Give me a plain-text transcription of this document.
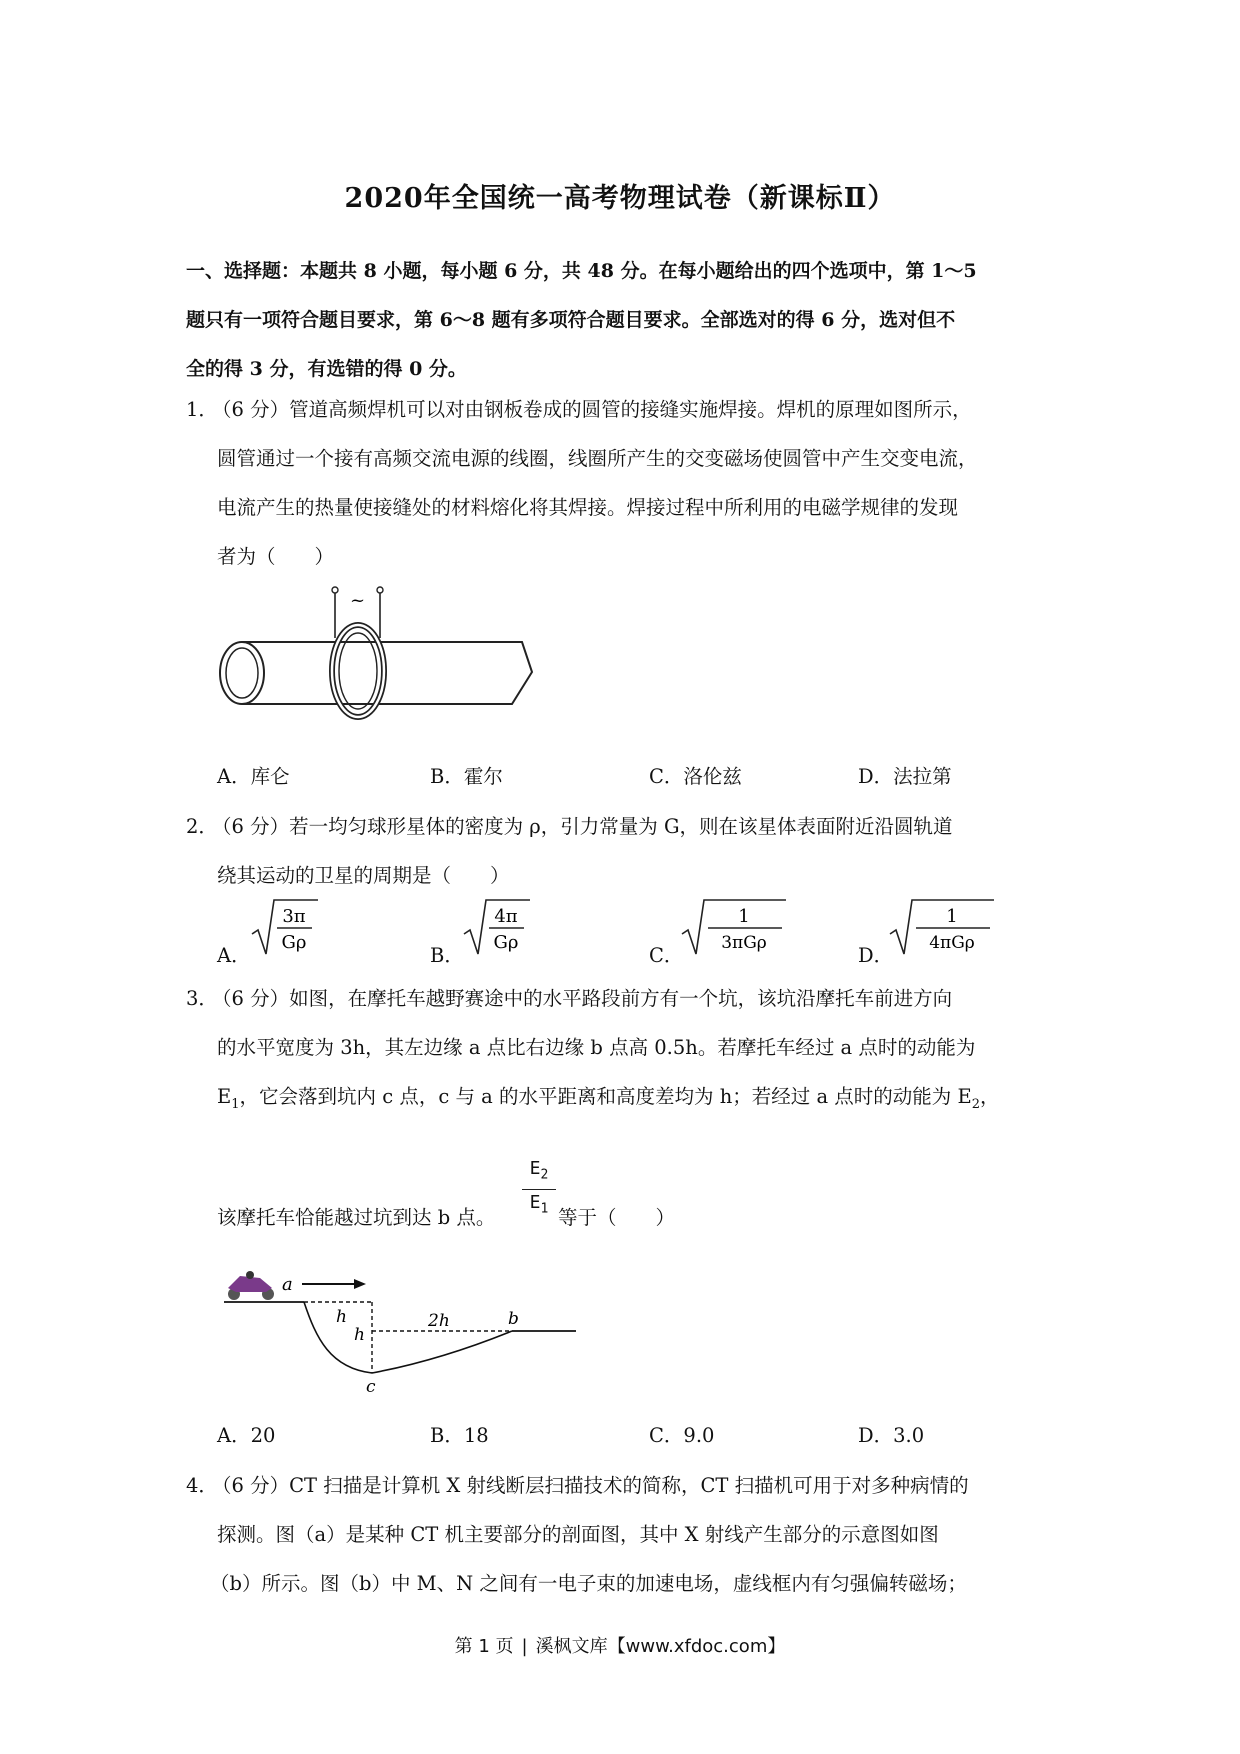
2020年全国统一高考物理试卷（新课标Ⅱ）
一、选择题：本题共 8 小题，每小题 6 分，共 48 分。在每小题给出的四个选项中，第 1～5
题只有一项符合题目要求，第 6～8 题有多项符合题目要求。全部选对的得 6 分，选对但不
全的得 3 分，有选错的得 0 分。
1．
（6 分）管道高频焊机可以对由钢板卷成的圆管的接缝实施焊接。焊机的原理如图所示，
圆管通过一个接有高频交流电源的线圈，线圈所产生的交变磁场使圆管中产生交变电流，
电流产生的热量使接缝处的材料熔化将其焊接。焊接过程中所利用的电磁学规律的发现
者为（　　）
~
A．库仑	B．霍尔	C．洛伦兹	D．法拉第
2．
（6 分）若一均匀球形星体的密度为 ρ，引力常量为 G，则在该星体表面附近沿圆轨道
绕其运动的卫星的周期是（　　）
A．
3π
Gρ
B．
4π
Gρ
C．
1
3πGρ
D．
1
4πGρ
3．
（6 分）如图，在摩托车越野赛途中的水平路段前方有一个坑，该坑沿摩托车前进方向
的水平宽度为 3h，其左边缘 a 点比右边缘 b 点高 0.5h。若摩托车经过 a 点时的动能为
$E_1$，它会落到坑内 c 点，c 与 a 的水平距离和高度差均为 h；若经过 a 点时的动能为 $E_2$，
该摩托车恰能越过坑到达 b 点。
$E_2$
$E_1$ 等于（　　）
a
h
h
2h	b
c
A．20	B．18	C．9.0	D．3.0
4．
（6 分）CT 扫描是计算机 X 射线断层扫描技术的简称，CT 扫描机可用于对多种病情的
探测。图（a）是某种 CT 机主要部分的剖面图，其中 X 射线产生部分的示意图如图
（b）所示。图（b）中 M、N 之间有一电子束的加速电场，虚线框内有匀强偏转磁场；
第 1 页 | 溪枫文库【www.xfdoc.com】
